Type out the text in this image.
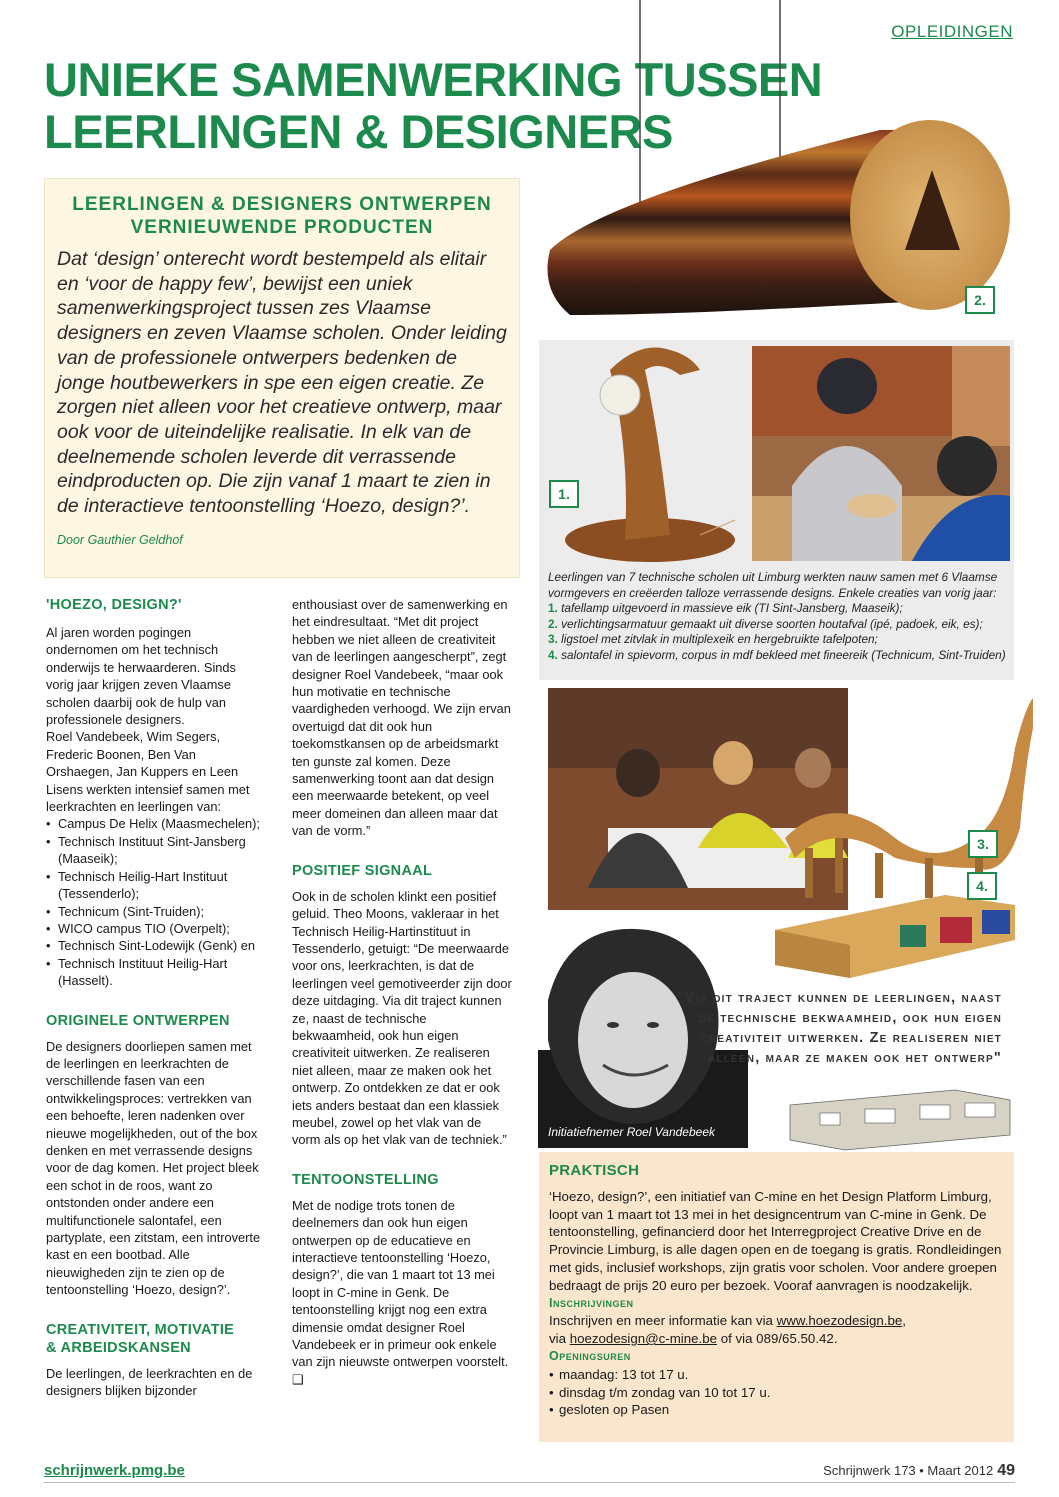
OPLEIDINGEN
UNIEKE SAMENWERKING TUSSEN
LEERLINGEN & DESIGNERS
2.
LEERLINGEN & DESIGNERS ONTWERPEN
VERNIEUWENDE PRODUCTEN
Dat ‘design’ onterecht wordt bestempeld als elitair en ‘voor de happy few’, bewijst een uniek samenwerkingsproject tussen zes Vlaamse designers en zeven Vlaamse scholen. Onder leiding van de professionele ontwerpers bedenken de jonge houtbewerkers in spe een eigen creatie. Ze zorgen niet alleen voor het creatieve ontwerp, maar ook voor de uiteindelijke realisatie. In elk van de deelnemende scholen leverde dit verrassende eindproducten op. Die zijn vanaf 1 maart te zien in de interactieve tentoonstelling ‘Hoezo, design?’.
Door Gauthier Geldhof
1.
Leerlingen van 7 technische scholen uit Limburg werkten nauw samen met 6 Vlaamse vormgevers en creëerden talloze verrassende designs. Enkele creaties van vorig jaar:
1. tafellamp uitgevoerd in massieve eik (TI Sint-Jansberg, Maaseik);
2. verlichtingsarmatuur gemaakt uit diverse soorten houtafval (ipé, padoek, eik, es);
3. ligstoel met zitvlak in multiplexeik en hergebruikte tafelpoten;
4. salontafel in spievorm, corpus in mdf bekleed met fineereik (Technicum, Sint-Truiden)
3.
4.
Initiatiefnemer Roel Vandebeek
"Via dit traject kunnen de leerlingen, naast de technische bekwaamheid, ook hun eigen creativiteit uitwerken. Ze realiseren niet alleen, maar ze maken ook het ontwerp"
'HOEZO, DESIGN?'

Al jaren worden pogingen ondernomen om het technisch onderwijs te herwaarderen. Sinds vorig jaar krijgen zeven Vlaamse scholen daarbij ook de hulp van professionele designers.

Roel Vandebeek, Wim Segers, Frederic Boonen, Ben Van Orshaegen, Jan Kuppers en Leen Lisens werkten intensief samen met leerkrachten en leerlingen van:

• Campus De Helix (Maasmechelen);
• Technisch Instituut Sint-Jansberg (Maaseik);
• Technisch Heilig-Hart Instituut (Tessenderlo);
• Technicum (Sint-Truiden);
• WICO campus TIO (Overpelt);
• Technisch Sint-Lodewijk (Genk) en
• Technisch Instituut Heilig-Hart (Hasselt).
ORIGINELE ONTWERPEN

De designers doorliepen samen met de leerlingen en leerkrachten de verschillende fasen van een ontwikkelingsproces: vertrekken van een behoefte, leren nadenken over nieuwe mogelijkheden, out of the box denken en met verrassende designs voor de dag komen. Het project bleek een schot in de roos, want zo ontstonden onder andere een multifunctionele salontafel, een partyplate, een zitstam, een introverte kast en een bootbad. Alle nieuwigheden zijn te zien op de tentoonstelling ‘Hoezo, design?’.

CREATIVITEIT, MOTIVATIE
& ARBEIDSKANSEN

De leerlingen, de leerkrachten en de designers blijken bijzonder

enthousiast over de samenwerking en het eindresultaat. “Met dit project hebben we niet alleen de creativiteit van de leerlingen aangescherpt”, zegt designer Roel Vandebeek, “maar ook hun motivatie en technische vaardigheden verhoogd. We zijn ervan overtuigd dat dit ook hun toekomstkansen op de arbeidsmarkt ten gunste zal komen. Deze samenwerking toont aan dat design een meerwaarde betekent, op veel meer domeinen dan alleen maar dat van de vorm.”

POSITIEF SIGNAAL

Ook in de scholen klinkt een positief geluid. Theo Moons, vakleraar in het Technisch Heilig-Hartinstituut in Tessenderlo, getuigt: “De meerwaarde voor ons, leerkrachten, is dat de leerlingen veel gemotiveerder zijn door deze uitdaging. Via dit traject kunnen ze, naast de technische bekwaamheid, ook hun eigen creativiteit uitwerken. Ze realiseren niet alleen, maar ze maken ook het ontwerp. Zo ontdekken ze dat er ook iets anders bestaat dan een klassiek meubel, zowel op het vlak van de vorm als op het vlak van de techniek.”

TENTOONSTELLING

Met de nodige trots tonen de deelnemers dan ook hun eigen ontwerpen op de educatieve en interactieve tentoonstelling ‘Hoezo, design?’, die van 1 maart tot 13 mei loopt in C-mine in Genk. De tentoonstelling krijgt nog een extra dimensie omdat designer Roel Vandebeek er in primeur ook enkele van zijn nieuwste ontwerpen voorstelt. ❑

PRAKTISCH
‘Hoezo, design?’, een initiatief van C-mine en het Design Platform Limburg, loopt van 1 maart tot 13 mei in het designcentrum van C-mine in Genk. De tentoonstelling, gefinancierd door het Interregproject Creative Drive en de Provincie Limburg, is alle dagen open en de toegang is gratis. Rondleidingen met gids, inclusief workshops, zijn gratis voor scholen. Voor andere groepen bedraagt de prijs 20 euro per bezoek. Vooraf aanvragen is noodzakelijk.
Inschrijvingen
Inschrijven en meer informatie kan via www.hoezodesign.be,
via hoezodesign@c-mine.be of via 089/65.50.42.
Openingsuren
• maandag: 13 tot 17 u.
• dinsdag t/m zondag van 10 tot 17 u.
• gesloten op Pasen
schrijnwerk.pmg.be	Schrijnwerk 173 • Maart 2012 49
